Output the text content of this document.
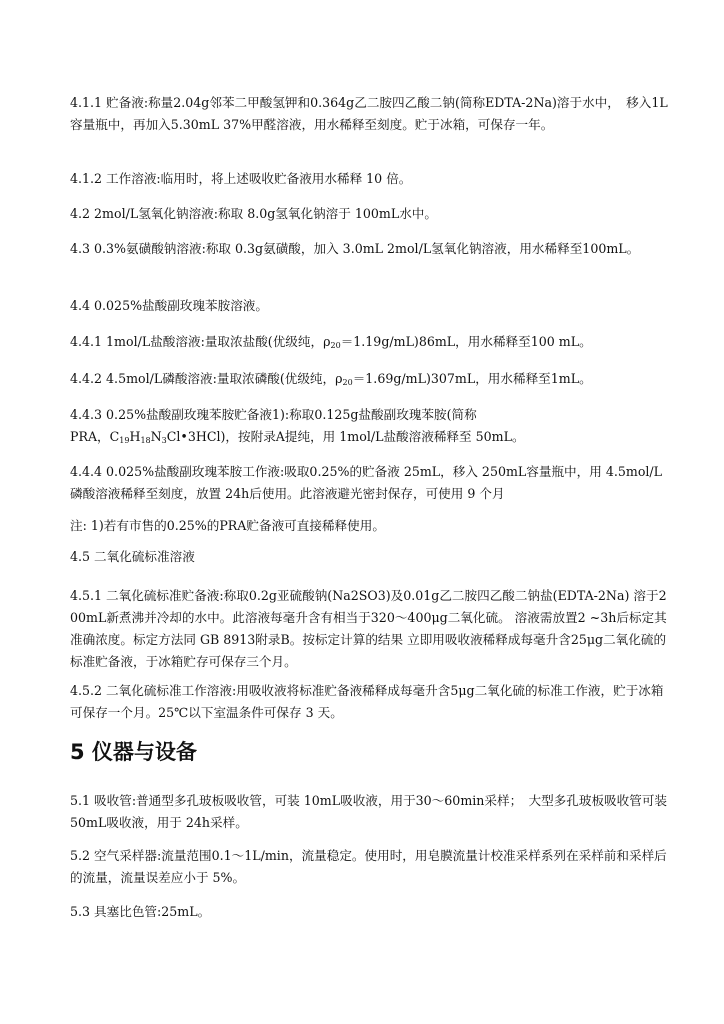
4.1.1 贮备液:称量2.04g邻苯二甲酸氢钾和0.364g乙二胺四乙酸二钠(简称EDTA-2Na)溶于水中，　移入1L容量瓶中，再加入5.30mL 37%甲醛溶液，用水稀释至刻度。贮于冰箱，可保存一年。

4.1.2 工作溶液:临用时，将上述吸收贮备液用水稀释 10 倍。

4.2 2mol/L氢氧化钠溶液:称取 8.0g氢氧化钠溶于 100mL水中。

4.3 0.3%氨磺酸钠溶液:称取 0.3g氨磺酸，加入 3.0mL 2mol/L氢氧化钠溶液，用水稀释至100mL。

4.4 0.025%盐酸副玫瑰苯胺溶液。

4.4.1 1mol/L盐酸溶液:量取浓盐酸(优级纯，$\rho_{20}=1.19g/mL)86mL$，用水稀释至100 mL。

4.4.2 4.5mol/L磷酸溶液:量取浓磷酸(优级纯，$\rho_{20}=1.69g/mL)307mL$，用水稀释至1mL。

4.4.3 0.25%盐酸副玫瑰苯胺贮备液1):称取0.125g盐酸副玫瑰苯胺(简称
PRA，$C_{19}H_{18}N_3Cl•3HCl$)，按附录A提纯，用 1mol/L盐酸溶液稀释至 50mL。

4.4.4 0.025%盐酸副玫瑰苯胺工作液:吸取0.25%的贮备液 25mL，移入 250mL容量瓶中，用 4.5mol/L磷酸溶液稀释至刻度，放置 24h后使用。此溶液避光密封保存，可使用 9 个月

注: 1)若有市售的0.25%的PRA贮备液可直接稀释使用。

4.5 二氧化硫标准溶液

4.5.1 二氧化硫标准贮备液:称取0.2g亚硫酸钠(Na2SO3)及0.01g乙二胺四乙酸二钠盐(EDTA-2Na) 溶于200mL新煮沸并冷却的水中。此溶液每毫升含有相当于320～400μg二氧化硫。 溶液需放置2 ~3h后标定其准确浓度。标定方法同 GB 8913附录B。按标定计算的结果 立即用吸收液稀释成每毫升含25μg二氧化硫的标准贮备液，于冰箱贮存可保存三个月。

4.5.2 二氧化硫标准工作溶液:用吸收液将标准贮备液稀释成每毫升含5μg二氧化硫的标准工作液，贮于冰箱可保存一个月。25℃以下室温条件可保存 3 天。

5 仪器与设备

5.1 吸收管:普通型多孔玻板吸收管，可装 10mL吸收液，用于30～60min采样；　大型多孔玻板吸收管可装 50mL吸收液，用于 24h采样。

5.2 空气采样器:流量范围0.1～1L/min，流量稳定。使用时，用皂膜流量计校准采样系列在采样前和采样后的流量，流量误差应小于 5%。

5.3 具塞比色管:25mL。
